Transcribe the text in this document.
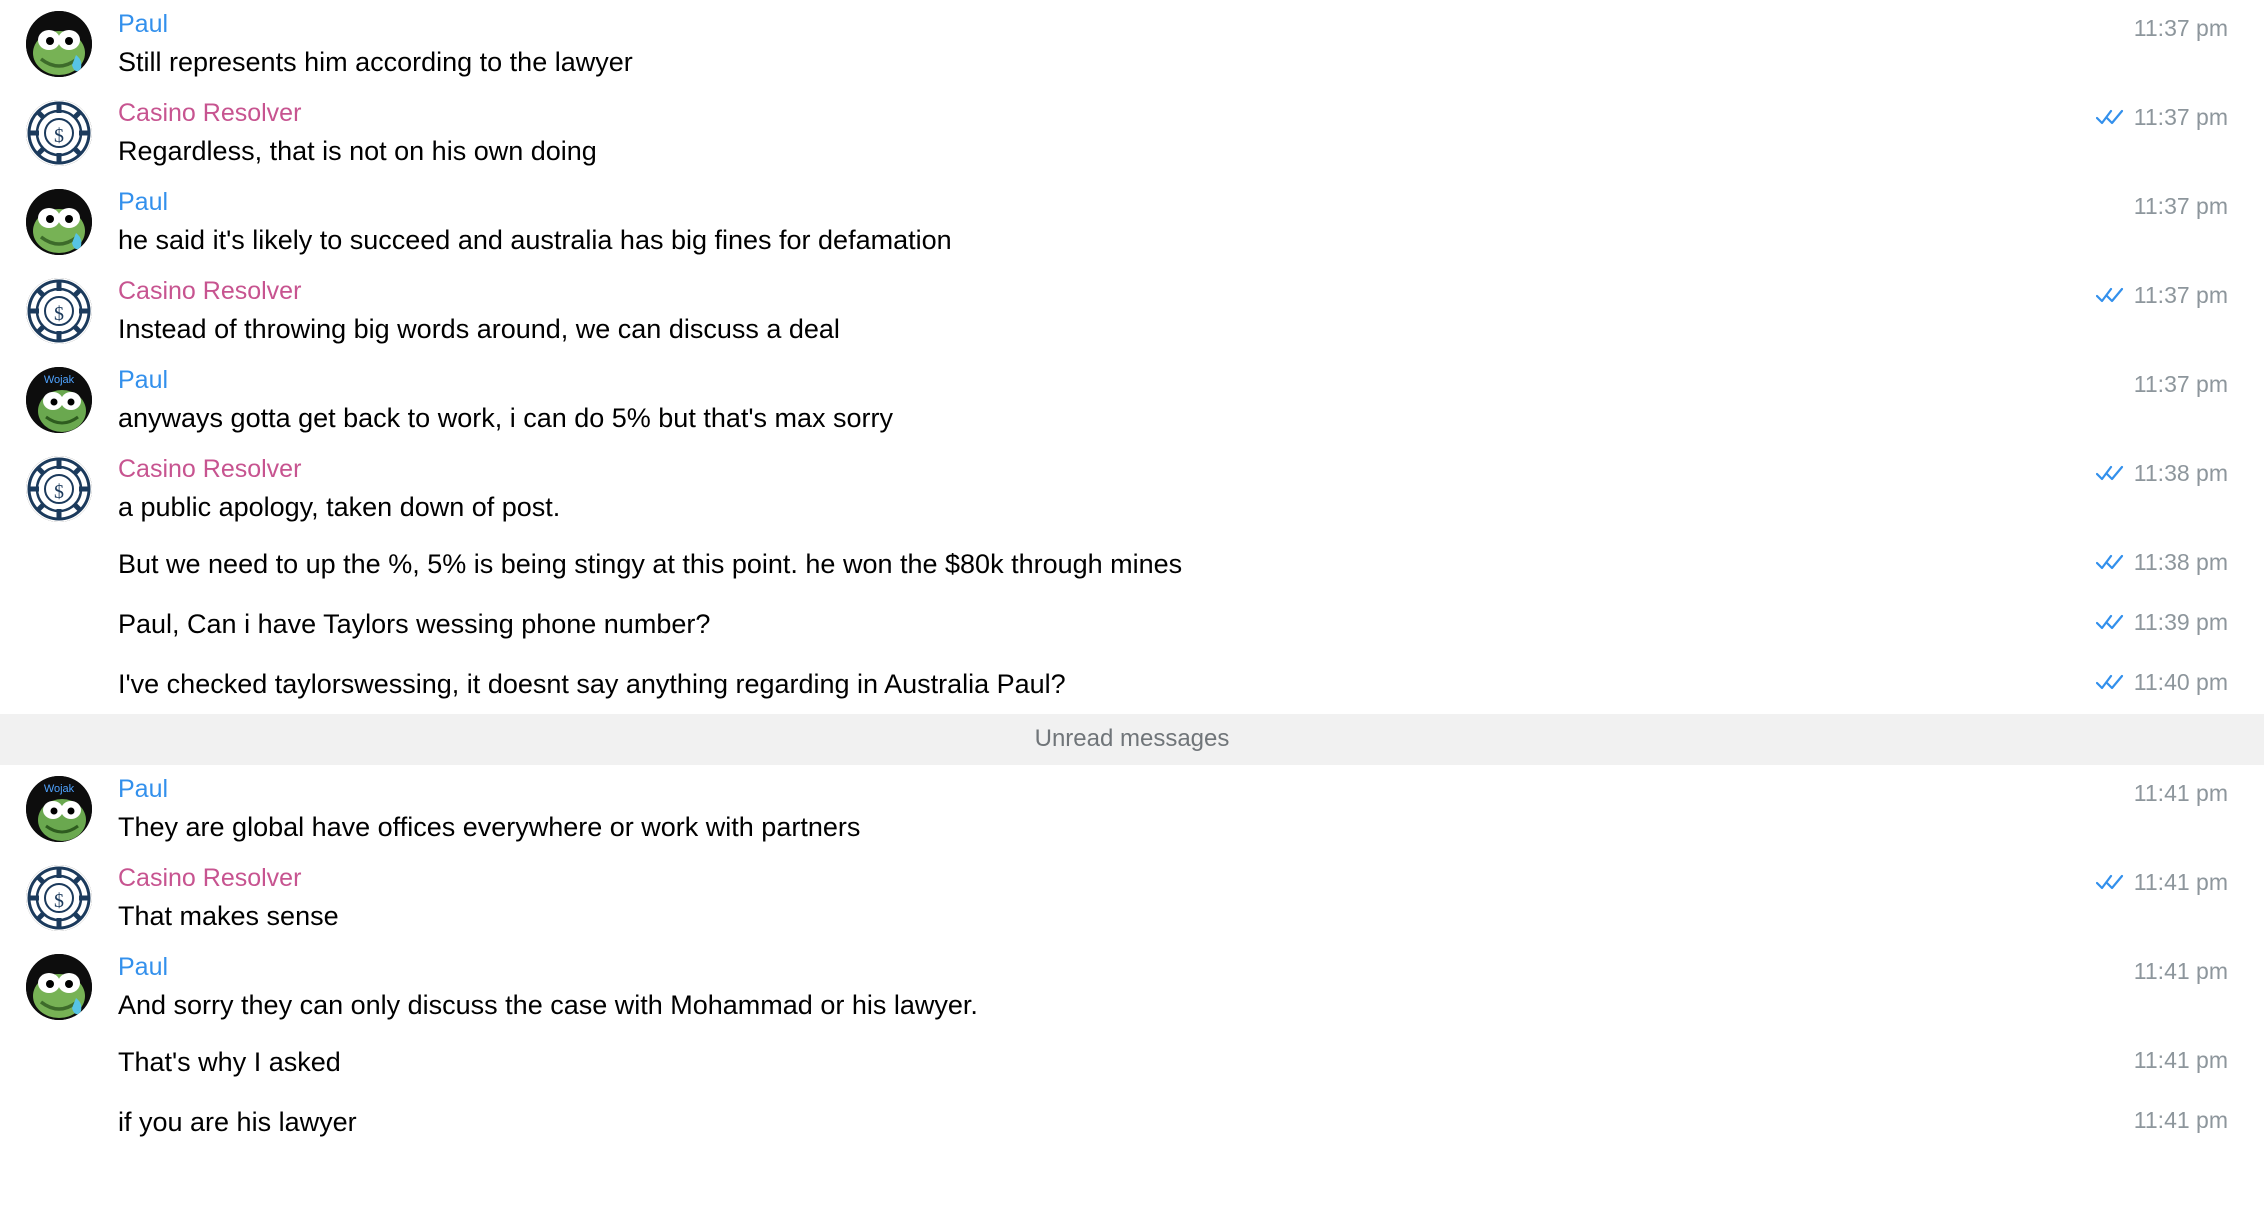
Paul
Still represents him according to the lawyer
11:37 pm
$
Casino Resolver
Regardless, that is not on his own doing
11:37 pm
Paul
he said it's likely to succeed and australia has big fines for defamation
11:37 pm
$
Casino Resolver
Instead of throwing big words around, we can discuss a deal
11:37 pm
Wojak Paul
anyways gotta get back to work, i can do 5% but that's max sorry
11:37 pm
$
Casino Resolver
a public apology, taken down of post.
11:38 pm
But we need to up the %, 5% is being stingy at this point. he won the $80k through mines	11:38 pm
Paul, Can i have Taylors wessing phone number?	11:39 pm
I've checked taylorswessing, it doesnt say anything regarding in Australia Paul?	11:40 pm
Unread messages
Wojak Paul
They are global have offices everywhere or work with partners
11:41 pm
$
Casino Resolver
That makes sense
11:41 pm
Paul
And sorry they can only discuss the case with Mohammad or his lawyer.
11:41 pm
That's why I asked	11:41 pm
if you are his lawyer	11:41 pm
